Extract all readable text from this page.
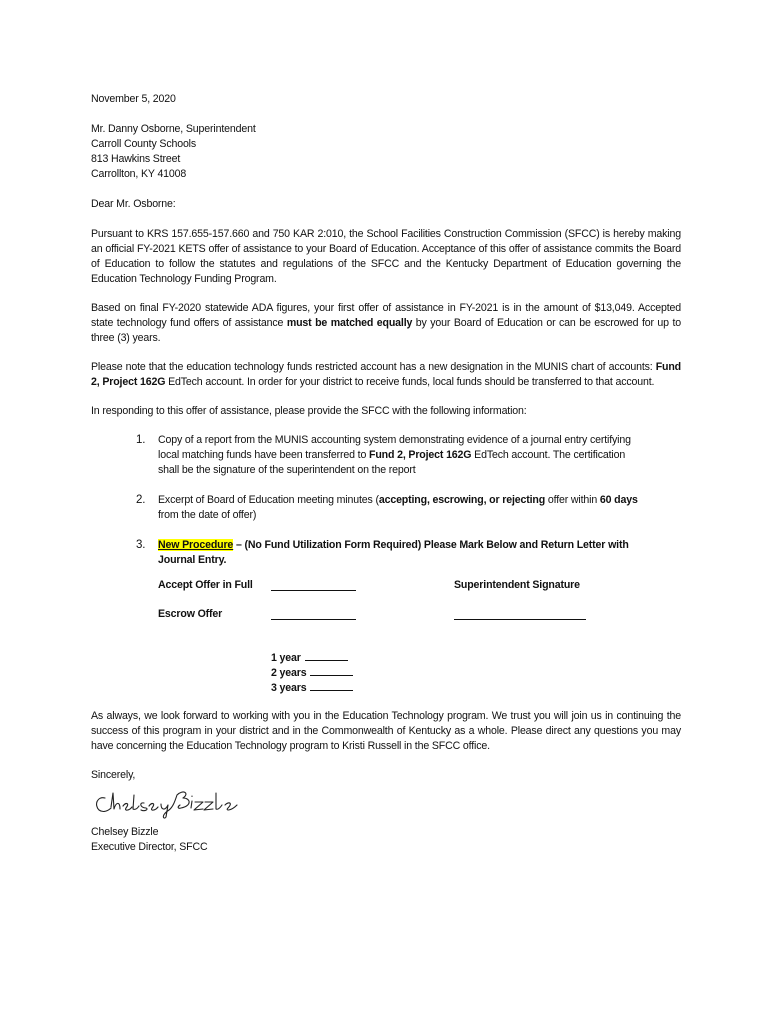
November 5, 2020

Mr. Danny Osborne, Superintendent
Carroll County Schools
813 Hawkins Street
Carrollton, KY 41008

Dear Mr. Osborne:

Pursuant to KRS 157.655-157.660 and 750 KAR 2:010, the School Facilities Construction Commission (SFCC) is hereby making an official FY-2021 KETS offer of assistance to your Board of Education. Acceptance of this offer of assistance commits the Board of Education to follow the statutes and regulations of the SFCC and the Kentucky Department of Education governing the Education Technology Funding Program.

Based on final FY-2020 statewide ADA figures, your first offer of assistance in FY-2021 is in the amount of $13,049. Accepted state technology fund offers of assistance must be matched equally by your Board of Education or can be escrowed for up to three (3) years.

Please note that the education technology funds restricted account has a new designation in the MUNIS chart of accounts: Fund 2, Project 162G EdTech account. In order for your district to receive funds, local funds should be transferred to that account.

In responding to this offer of assistance, please provide the SFCC with the following information:

1.	Copy of a report from the MUNIS accounting system demonstrating evidence of a journal entry certifying local matching funds have been transferred to Fund 2, Project 162G EdTech account. The certification shall be the signature of the superintendent on the report
2.	Excerpt of Board of Education meeting minutes (accepting, escrowing, or rejecting offer within 60 days from the date of offer)
3.	New Procedure – (No Fund Utilization Form Required) Please Mark Below and Return Letter with Journal Entry.
Accept Offer in Full	Superintendent Signature
Escrow Offer
1 year
2 years
3 years

As always, we look forward to working with you in the Education Technology program. We trust you will join us in continuing the success of this program in your district and in the Commonwealth of Kentucky as a whole. Please direct any questions you may have concerning the Education Technology program to Kristi Russell in the SFCC office.

Sincerely,

Chelsey Bizzle
Executive Director, SFCC
